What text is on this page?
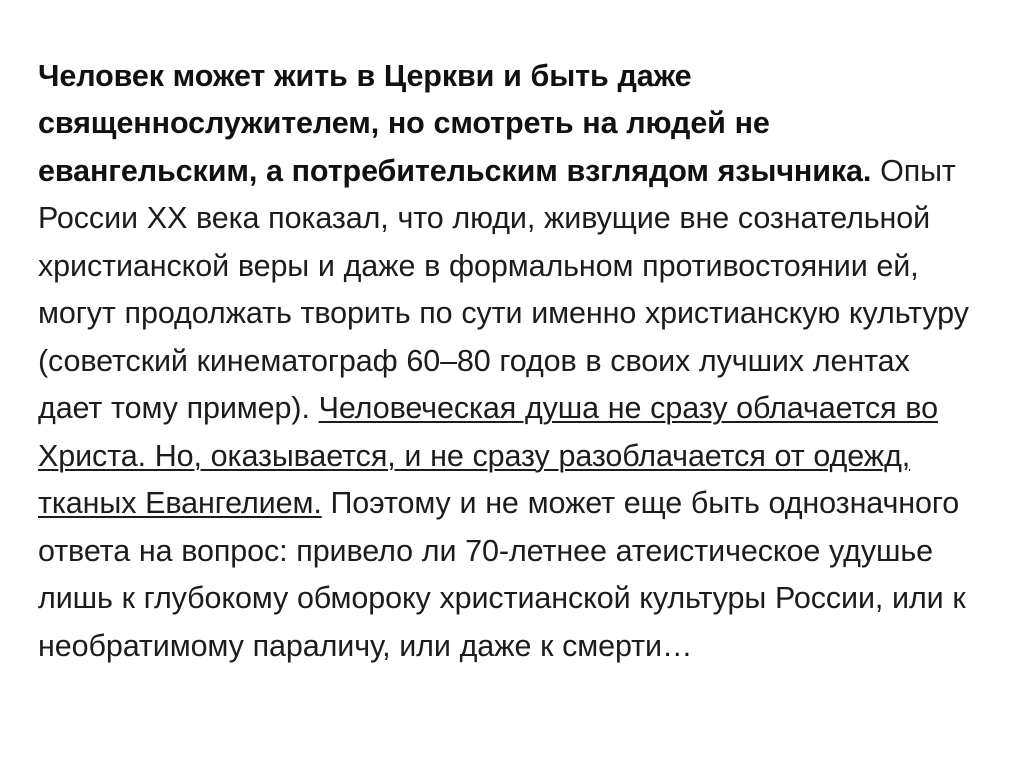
Человек может жить в Церкви и быть даже священнослужителем, но смотреть на людей не евангельским, а потребительским взглядом язычника. Опыт России XX века показал, что люди, живущие вне сознательной христианской веры и даже в формальном противостоянии ей, могут продолжать творить по сути именно христианскую культуру (советский кинематограф 60–80 годов в своих лучших лентах дает тому пример). Человеческая душа не сразу облачается во Христа. Но, оказывается, и не сразу разоблачается от одежд, тканых Евангелием. Поэтому и не может еще быть однозначного ответа на вопрос: привело ли 70-летнее атеистическое удушье лишь к глубокому обмороку христианской культуры России, или к необратимому параличу, или даже к смерти…
